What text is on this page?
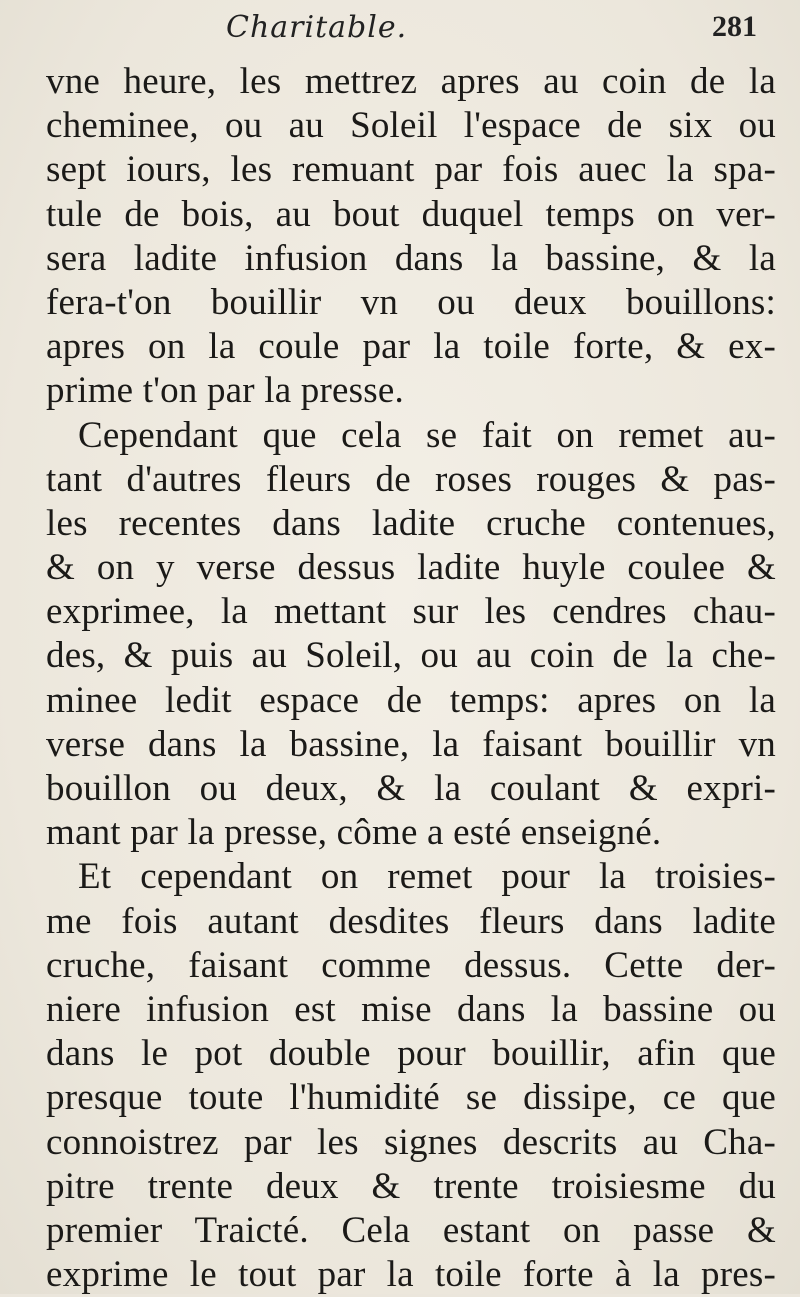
Charitable.	281
vne heure, les mettrez apres au coin de la
cheminee, ou au Soleil l'espace de six ou
sept iours, les remuant par fois auec la spa-
tule de bois, au bout duquel temps on ver-
sera ladite infusion dans la bassine, & la
fera-t'on bouillir vn ou deux bouillons:
apres on la coule par la toile forte, & ex-
prime t'on par la presse.
Cependant que cela se fait on remet au-
tant d'autres fleurs de roses rouges & pas-
les recentes dans ladite cruche contenues,
& on y verse dessus ladite huyle coulee &
exprimee, la mettant sur les cendres chau-
des, & puis au Soleil, ou au coin de la che-
minee ledit espace de temps: apres on la
verse dans la bassine, la faisant bouillir vn
bouillon ou deux, & la coulant & expri-
mant par la presse, côme a esté enseigné.
Et cependant on remet pour la troisies-
me fois autant desdites fleurs dans ladite
cruche, faisant comme dessus. Cette der-
niere infusion est mise dans la bassine ou
dans le pot double pour bouillir, afin que
presque toute l'humidité se dissipe, ce que
connoistrez par les signes descrits au Cha-
pitre trente deux & trente troisiesme du
premier Traicté. Cela estant on passe &
exprime le tout par la toile forte à la pres-
